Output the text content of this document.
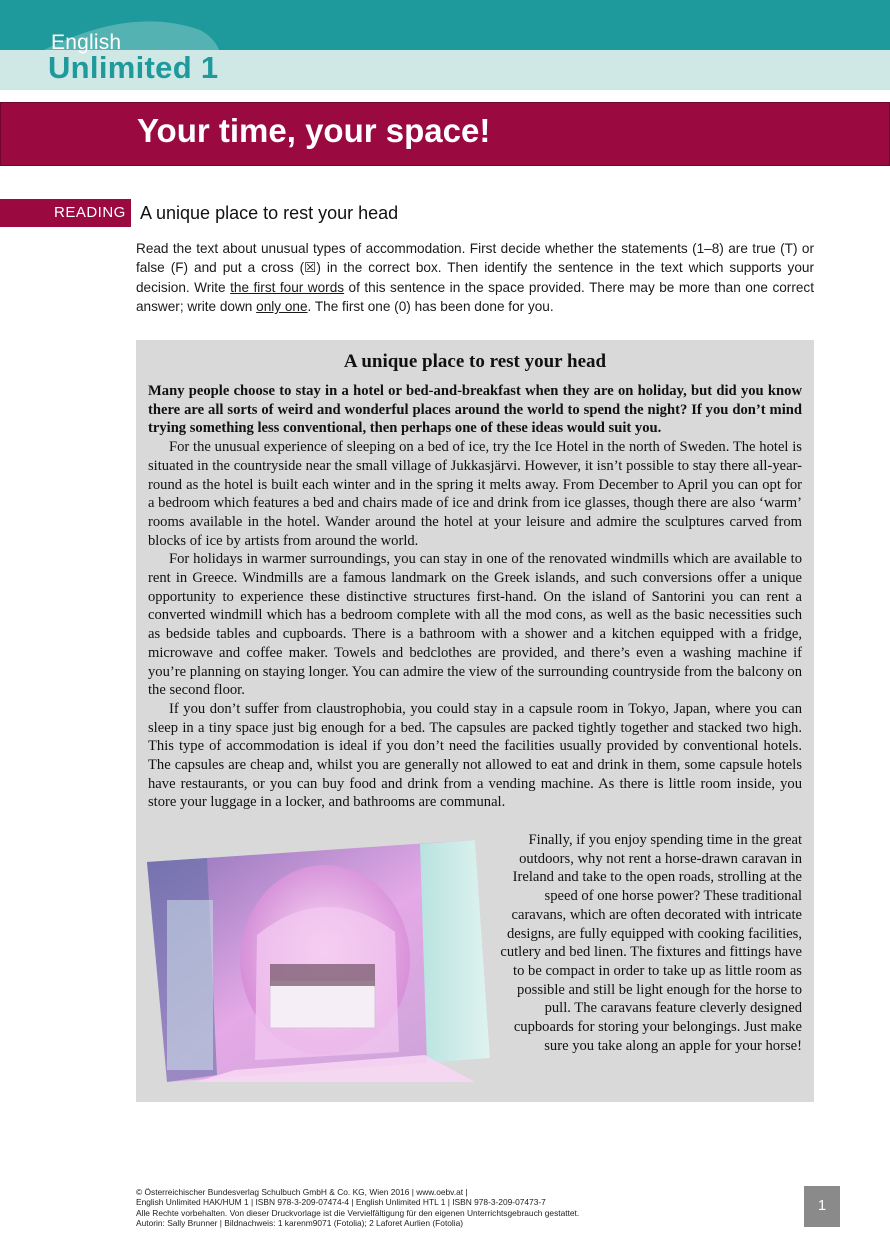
English
Unlimited 1
Your time, your space!
READING A unique place to rest your head

Read the text about unusual types of accommodation. First decide whether the statements (1–8) are true (T) or false (F) and put a cross (☒) in the correct box. Then identify the sentence in the text which supports your decision. Write the first four words of this sentence in the space provided. There may be more than one correct answer; write down only one. The first one (0) has been done for you.

A unique place to rest your head

Many people choose to stay in a hotel or bed-and-breakfast when they are on holiday, but did you know there are all sorts of weird and wonderful places around the world to spend the night? If you don’t mind trying something less conventional, then perhaps one of these ideas would suit you.

For the unusual experience of sleeping on a bed of ice, try the Ice Hotel in the north of Sweden. The hotel is situated in the countryside near the small village of Jukkasjärvi. However, it isn’t possible to stay there all-year-round as the hotel is built each winter and in the spring it melts away. From December to April you can opt for a bedroom which features a bed and chairs made of ice and drink from ice glasses, though there are also ‘warm’ rooms available in the hotel. Wander around the hotel at your leisure and admire the sculptures carved from blocks of ice by artists from around the world.

For holidays in warmer surroundings, you can stay in one of the renovated windmills which are available to rent in Greece. Windmills are a famous landmark on the Greek islands, and such conversions offer a unique opportunity to experience these distinctive structures first-hand. On the island of Santorini you can rent a converted windmill which has a bedroom complete with all the mod cons, as well as the basic necessities such as bedside tables and cupboards. There is a bathroom with a shower and a kitchen equipped with a fridge, microwave and coffee maker. Towels and bedclothes are provided, and there’s even a washing machine if you’re planning on staying longer. You can admire the view of the surrounding countryside from the balcony on the second floor.

If you don’t suffer from claustrophobia, you could stay in a capsule room in Tokyo, Japan, where you can sleep in a tiny space just big enough for a bed. The capsules are packed tightly together and stacked two high. This type of accommodation is ideal if you don’t need the facilities usually provided by conventional hotels. The capsules are cheap and, whilst you are generally not allowed to eat and drink in them, some capsule hotels have restaurants, or you can buy food and drink from a vending machine. As there is little room inside, you store your luggage in a locker, and bathrooms are communal.

Finally, if you enjoy spending time in the great outdoors, why not rent a horse-drawn caravan in Ireland and take to the open roads, strolling at the speed of one horse power? These traditional caravans, which are often decorated with intricate designs, are fully equipped with cooking facilities, cutlery and bed linen. The fixtures and fittings have to be compact in order to take up as little room as possible and still be light enough for the horse to pull. The caravans feature cleverly designed cupboards for storing your belongings. Just make sure you take along an apple for your horse!
© Österreichischer Bundesverlag Schulbuch GmbH & Co. KG, Wien 2016 | www.oebv.at |
English Unlimited HAK/HUM 1 | ISBN 978-3-209-07474-4 | English Unlimited HTL 1 | ISBN 978-3-209-07473-7
Alle Rechte vorbehalten. Von dieser Druckvorlage ist die Vervielfältigung für den eigenen Unterrichtsgebrauch gestattet.
Autorin: Sally Brunner | Bildnachweis: 1 karenm9071 (Fotolia); 2 Laforet Aurlien (Fotolia)
1
